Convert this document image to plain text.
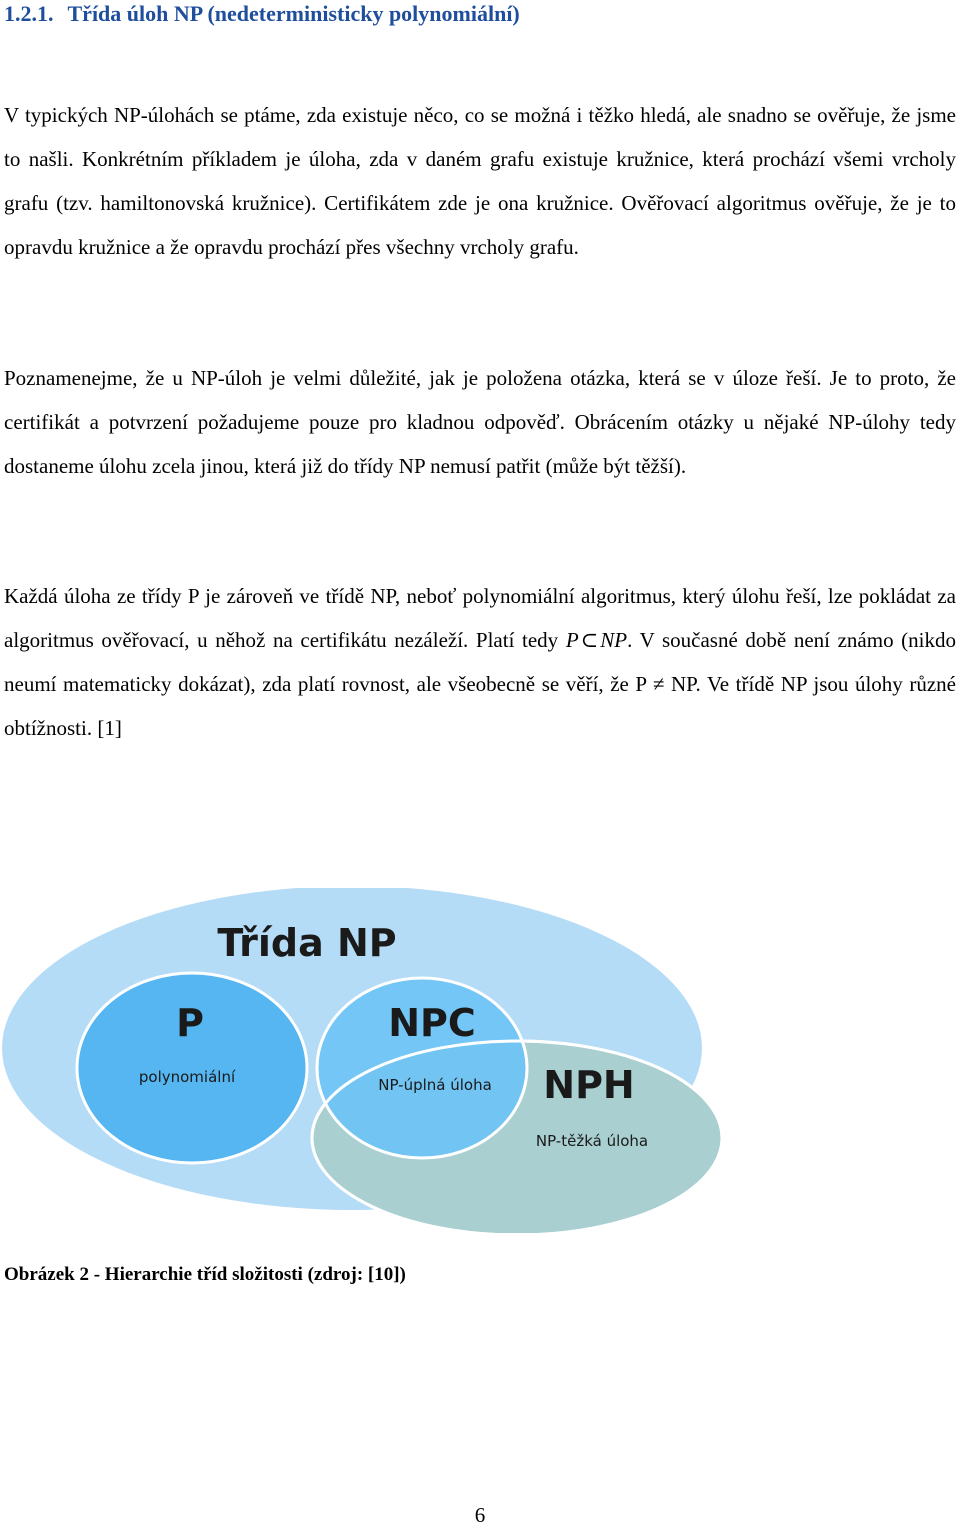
1.2.1. Třída úloh NP (nedeterministicky polynomiální)

V typických NP-úlohách se ptáme, zda existuje něco, co se možná i těžko hledá, ale snadno se ověřuje, že jsme to našli. Konkrétním příkladem je úloha, zda v daném grafu existuje kružnice, která prochází všemi vrcholy grafu (tzv. hamiltonovská kružnice). Certifikátem zde je ona kružnice. Ověřovací algoritmus ověřuje, že je to opravdu kružnice a že opravdu prochází přes všechny vrcholy grafu.

Poznamenejme, že u NP-úloh je velmi důležité, jak je položena otázka, která se v úloze řeší. Je to proto, že certifikát a potvrzení požadujeme pouze pro kladnou odpověď. Obrácením otázky u nějaké NP-úlohy tedy dostaneme úlohu zcela jinou, která již do třídy NP nemusí patřit (může být těžší).

Každá úloha ze třídy P je zároveň ve třídě NP, neboť polynomiální algoritmus, který úlohu řeší, lze pokládat za algoritmus ověřovací, u něhož na certifikátu nezáleží. Platí tedy P⊂NP. V současné době není známo (nikdo neumí matematicky dokázat), zda platí rovnost, ale všeobecně se věří, že P ≠ NP. Ve třídě NP jsou úlohy různé obtížnosti. [1]

Třída NP
P
polynomiální
NPC
NP-úplná úloha NPH
NP-těžká úloha

Obrázek 2 - Hierarchie tříd složitosti (zdroj: [10])

6
